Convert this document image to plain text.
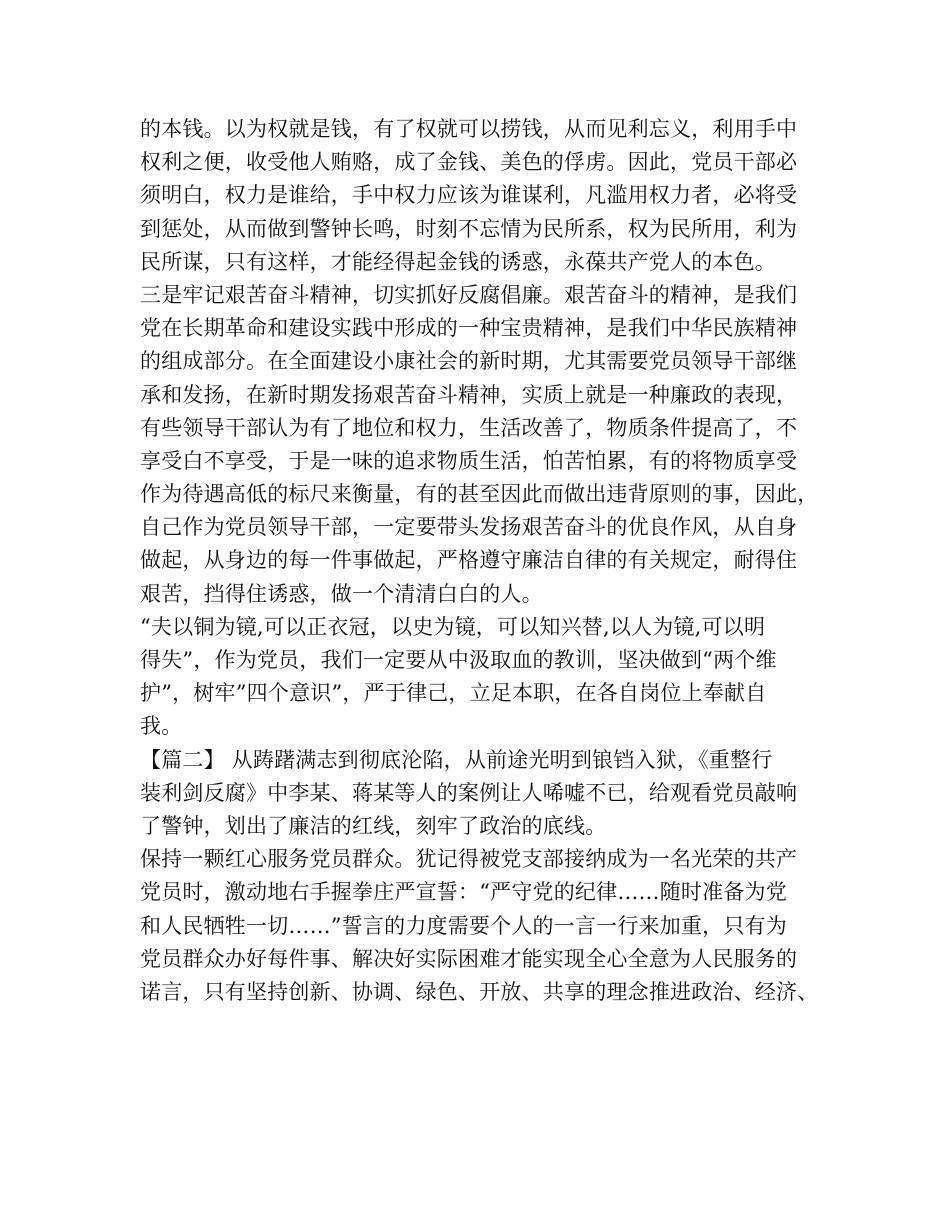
的本钱。以为权就是钱，有了权就可以捞钱，从而见利忘义，利用手中
权利之便，收受他人贿赂，成了金钱、美色的俘虏。因此，党员干部必
须明白，权力是谁给，手中权力应该为谁谋利，凡滥用权力者，必将受
到惩处，从而做到警钟长鸣，时刻不忘情为民所系，权为民所用，利为
民所谋，只有这样，才能经得起金钱的诱惑，永葆共产党人的本色。
三是牢记艰苦奋斗精神，切实抓好反腐倡廉。艰苦奋斗的精神，是我们
党在长期革命和建设实践中形成的一种宝贵精神，是我们中华民族精神
的组成部分。在全面建设小康社会的新时期，尤其需要党员领导干部继
承和发扬，在新时期发扬艰苦奋斗精神，实质上就是一种廉政的表现，
有些领导干部认为有了地位和权力，生活改善了，物质条件提高了，不
享受白不享受，于是一味的追求物质生活，怕苦怕累，有的将物质享受
作为待遇高低的标尺来衡量，有的甚至因此而做出违背原则的事，因此，
自己作为党员领导干部，一定要带头发扬艰苦奋斗的优良作风，从自身
做起，从身边的每一件事做起，严格遵守廉洁自律的有关规定，耐得住
艰苦，挡得住诱惑，做一个清清白白的人。
“夫以铜为镜,可以正衣冠，以史为镜，可以知兴替,以人为镜,可以明
得失”，作为党员，我们一定要从中汲取血的教训，坚决做到“两个维
护”，树牢”四个意识”，严于律己，立足本职，在各自岗位上奉献自
我。
【篇二】 从踌躇满志到彻底沦陷，从前途光明到锒铛入狱，《重整行
装利剑反腐》中李某、蒋某等人的案例让人唏嘘不已，给观看党员敲响
了警钟，划出了廉洁的红线，刻牢了政治的底线。
保持一颗红心服务党员群众。犹记得被党支部接纳成为一名光荣的共产
党员时，激动地右手握拳庄严宣誓：“严守党的纪律……随时准备为党
和人民牺牲一切……”誓言的力度需要个人的一言一行来加重，只有为
党员群众办好每件事、解决好实际困难才能实现全心全意为人民服务的
诺言，只有坚持创新、协调、绿色、开放、共享的理念推进政治、经济、
